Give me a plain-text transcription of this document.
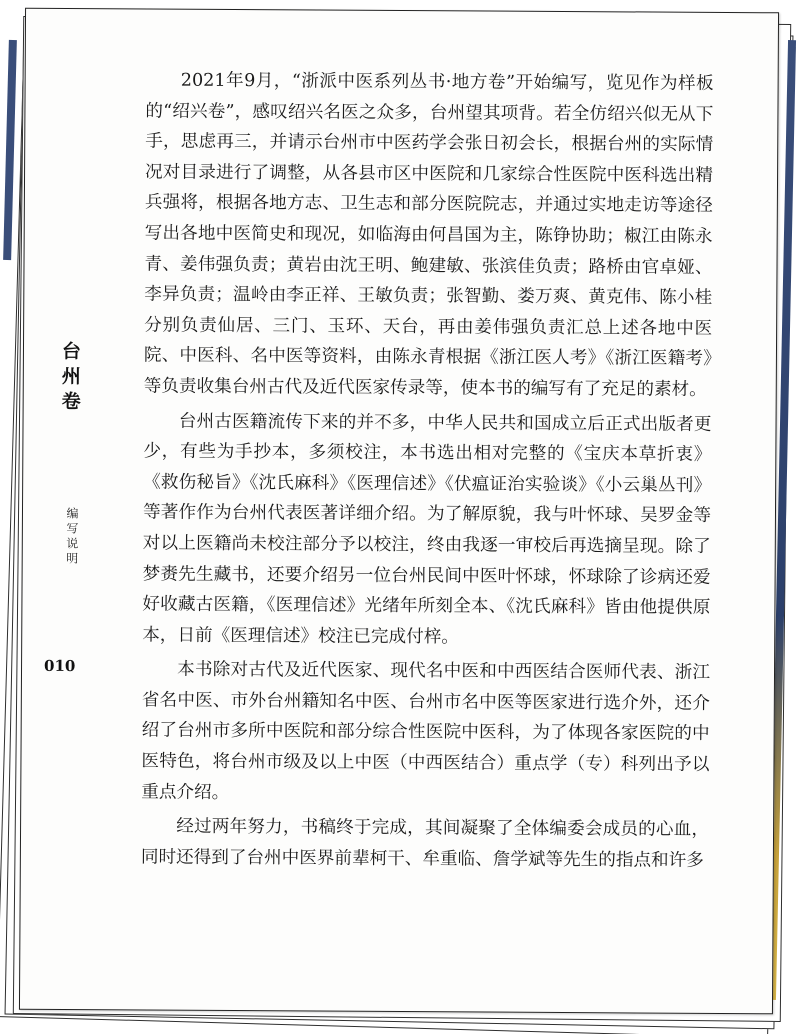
台州卷
编写说明
010

2021年9月，“浙派中医系列丛书·地方卷”开始编写，览见作为样板的“绍兴卷”，感叹绍兴名医之众多，台州望其项背。若全仿绍兴似无从下手，思虑再三，并请示台州市中医药学会张日初会长，根据台州的实际情况对目录进行了调整，从各县市区中医院和几家综合性医院中医科选出精兵强将，根据各地方志、卫生志和部分医院院志，并通过实地走访等途径写出各地中医简史和现况，如临海由何昌国为主，陈铮协助；椒江由陈永青、姜伟强负责；黄岩由沈王明、鲍建敏、张滨佳负责；路桥由官卓娅、李异负责；温岭由李正祥、王敏负责；张智勤、娄万爽、黄克伟、陈小桂分别负责仙居、三门、玉环、天台，再由姜伟强负责汇总上述各地中医院、中医科、名中医等资料，由陈永青根据《浙江医人考》《浙江医籍考》等负责收集台州古代及近代医家传录等，使本书的编写有了充足的素材。

台州古医籍流传下来的并不多，中华人民共和国成立后正式出版者更少，有些为手抄本，多须校注，本书选出相对完整的《宝庆本草折衷》《救伤秘旨》《沈氏麻科》《医理信述》《伏瘟证治实验谈》《小云巢丛刊》等著作作为台州代表医著详细介绍。为了解原貌，我与叶怀球、吴罗金等对以上医籍尚未校注部分予以校注，终由我逐一审校后再选摘呈现。除了梦赉先生藏书，还要介绍另一位台州民间中医叶怀球，怀球除了诊病还爱好收藏古医籍，《医理信述》光绪年所刻全本、《沈氏麻科》皆由他提供原本，日前《医理信述》校注已完成付梓。

本书除对古代及近代医家、现代名中医和中西医结合医师代表、浙江省名中医、市外台州籍知名中医、台州市名中医等医家进行选介外，还介绍了台州市多所中医院和部分综合性医院中医科，为了体现各家医院的中医特色，将台州市级及以上中医（中西医结合）重点学（专）科列出予以重点介绍。

经过两年努力，书稿终于完成，其间凝聚了全体编委会成员的心血，同时还得到了台州中医界前辈柯干、牟重临、詹学斌等先生的指点和许多
